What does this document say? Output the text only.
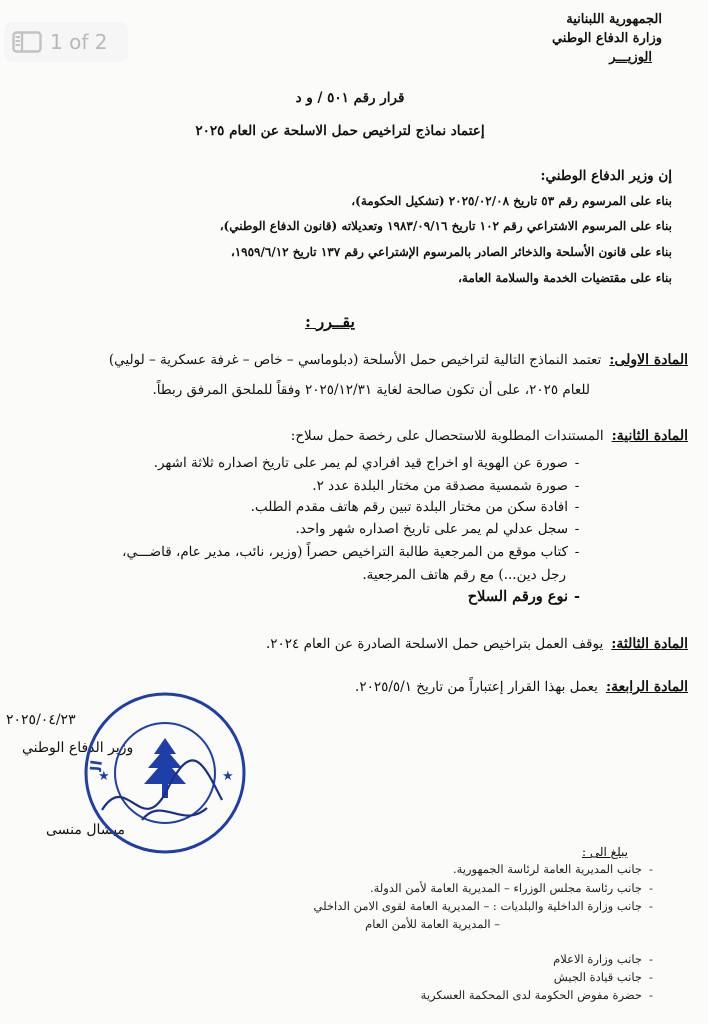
1 of 2
الجمهورية اللبنانية
وزارة الدفاع الوطني
الوزيـــر
قرار رقم ٥٠١ / و د
إعتماد نماذج لتراخيص حمل الاسلحة عن العام ٢٠٢٥
إن وزير الدفاع الوطني:
بناء على المرسوم رقم ٥٣ تاريخ ٢٠٢٥/٠٢/٠٨ (تشكيل الحكومة)،
بناء على المرسوم الاشتراعي رقم ١٠٢ تاريخ ١٩٨٣/٠٩/١٦ وتعديلاته (قانون الدفاع الوطني)،
بناء على قانون الأسلحة والذخائر الصادر بالمرسوم الإشتراعي رقم ١٣٧ تاريخ ١٩٥٩/٦/١٢،
بناء على مقتضيات الخدمة والسلامة العامة،
يقــرر :
المادة الاولى:
تعتمد النماذج التالية لتراخيص حمل الأسلحة (دبلوماسي – خاص – غرفة عسكرية – لوليي)
للعام ٢٠٢٥، على أن تكون صالحة لغاية ٢٠٢٥/١٢/٣١ وفقاً للملحق المرفق ربطاً.
المادة الثانية:
المستندات المطلوبة للاستحصال على رخصة حمل سلاح:
-صورة عن الهوية او اخراج قيد افرادي لم يمر على تاريخ اصداره ثلاثة اشهر.
-صورة شمسية مصدقة من مختار البلدة عدد ٢.
-افادة سكن من مختار البلدة تبين رقم هاتف مقدم الطلب.
-سجل عدلي لم يمر على تاريخ اصداره شهر واحد.
-كتاب موقع من المرجعية طالبة التراخيص حصراً (وزير، نائب، مدير عام، قاضـــي،
رجل دين...) مع رقم هاتف المرجعية.
-نوع ورقم السلاح
المادة الثالثة:
يوقف العمل بتراخيص حمل الاسلحة الصادرة عن العام ٢٠٢٤.
المادة الرابعة:
يعمل بهذا القرار إعتباراً من تاريخ ٢٠٢٥/٥/١.
٢٠٢٥/٠٤/٢٣
وزير الدفاع الوطني
ميشال منسى
ال
★	★
يبلغ الى :
-جانب المديرية العامة لرئاسة الجمهورية.
-جانب رئاسة مجلس الوزراء – المديرية العامة لأمن الدولة.
-جانب وزارة الداخلية والبلديات : – المديرية العامة لقوى الامن الداخلي
– المديرية العامة للأمن العام
-جانب وزارة الاعلام
-جانب قيادة الجيش
-حضرة مفوض الحكومة لدى المحكمة العسكرية
